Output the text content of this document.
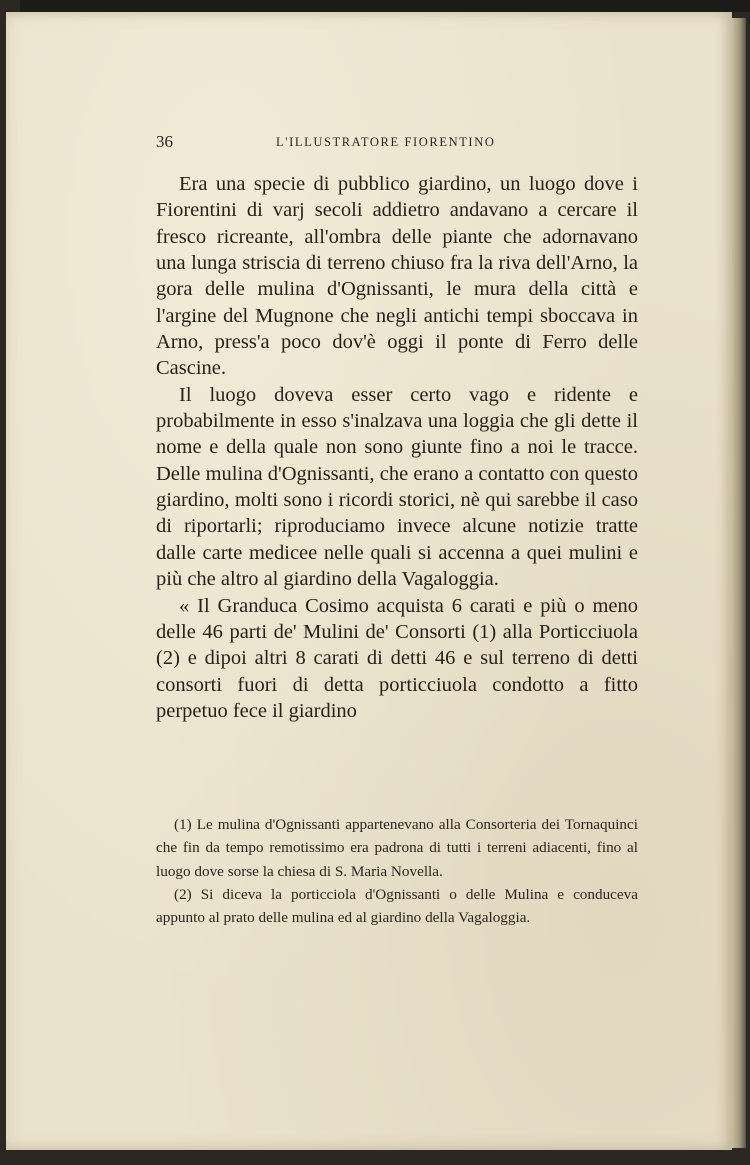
36	L'ILLUSTRATORE FIORENTINO

Era una specie di pubblico giardino, un luogo dove i Fiorentini di varj secoli addietro andavano a cercare il fresco ricreante, all'ombra delle piante che adornavano una lunga striscia di terreno chiuso fra la riva dell'Arno, la gora delle mulina d'Ognissanti, le mura della città e l'argine del Mugnone che negli antichi tempi sboccava in Arno, press'a poco dov'è oggi il ponte di Ferro delle Cascine.

Il luogo doveva esser certo vago e ridente e probabilmente in esso s'inalzava una loggia che gli dette il nome e della quale non sono giunte fino a noi le tracce. Delle mulina d'Ognissanti, che erano a contatto con questo giardino, molti sono i ricordi storici, nè qui sarebbe il caso di riportarli; riproduciamo invece alcune notizie tratte dalle carte medicee nelle quali si accenna a quei mulini e più che altro al giardino della Vagaloggia.

« Il Granduca Cosimo acquista 6 carati e più o meno delle 46 parti de' Mulini de' Consorti (1) alla Porticciuola (2) e dipoi altri 8 carati di detti 46 e sul terreno di detti consorti fuori di detta porticciuola condotto a fitto perpetuo fece il giardino

(1) Le mulina d'Ognissanti appartenevano alla Consorteria dei Tornaquinci che fin da tempo remotissimo era padrona di tutti i terreni adiacenti, fino al luogo dove sorse la chiesa di S. Maria Novella.

(2) Si diceva la porticciola d'Ognissanti o delle Mulina e conduceva appunto al prato delle mulina ed al giardino della Vagaloggia.
